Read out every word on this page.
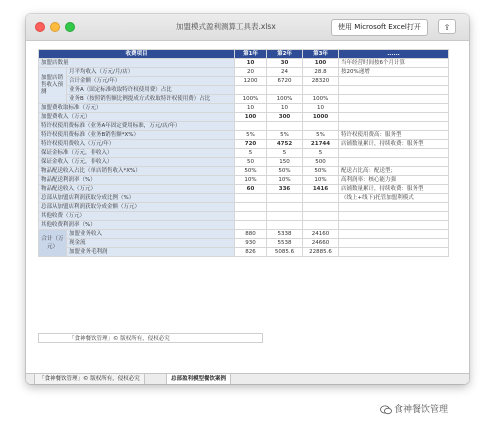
加盟模式盈利测算工具表.xlsx	使用 Microsoft Excel打开	⇪
收费项目		第1年	第2年	第3年	......
加盟店数量		10	30	100	当年经营时间按6个月计算
加盟店销售收入预测	月平均收入（万元/月/店）	20	24	28.8	按20%递增
	合计金额（万元/年）	1200	6720	28320	
	业务A（固定标准收取特许权使用费）占比				
	业务B（按照销售额比例提成方式收取特许权使用费）占比	100%	100%	100%	
加盟费收取标准（万元）		10	10	10	
加盟费收入（万元）		100	300	1000	
特许权使用费标准（业务A年固定费用标准，万元/店/年）					
特许权使用费标准（业务B销售额*X%）		5%	5%	5%	特许权使用费高：服务型
特许权使用费收入（万元/年）		720	4752	21744	店铺数量累计，持续收费：服务型
保证金标准（万元，非收入）		5	5	5	
保证金收入（万元，非收入）		50	150	500	
物品配送收入占比（单店销售收入*X%）		50%	50%	50%	配送占比高：配送型；
物品配送利润率（%）		10%	10%	10%	高利润率：核心能力强
物品配送收入（万元）		60	336	1416	店铺数量累计，持续收费：服务型
总部从加盟店利润获取分成比例（%）					（线上+线下)托管加盟利模式
总部从加盟店利润获取分成金额（万元）					
其他收费（万元）					
其他收费利润率（%）					
合计（万元）	加盟业务收入	880	5338	24160	
	现金流	930	5538	24660	
	加盟业务毛利润	826	5085.6	22885.6	
「食神餐饮管理」© 版权所有，侵权必究
「食神餐饮管理」© 版权所有，侵权必究	总部盈利模型餐饮案例
食神餐饮管理
